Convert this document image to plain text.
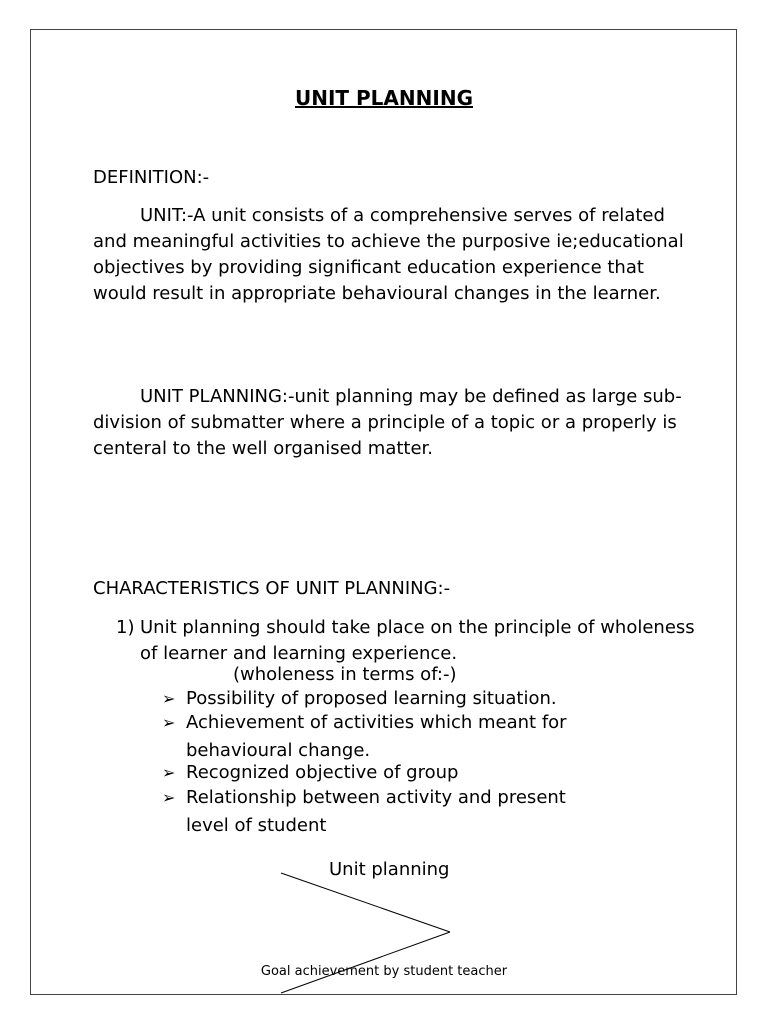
UNIT PLANNING
DEFINITION:-

UNIT:-A unit consists of a comprehensive serves of related and meaningful activities to achieve the purposive ie;educational objectives by providing significant education experience that would result in appropriate behavioural changes in the learner.

UNIT PLANNING:-unit planning may be defined as large sub-division of submatter where a principle of a topic or a properly is centeral to the well organised matter.

CHARACTERISTICS OF UNIT PLANNING:-
1) Unit planning should take place on the principle of wholeness of learner and learning experience.

(wholeness in terms of:-)
➢ Possibility of proposed learning situation.
➢ Achievement of activities which meant for
behavioural change.
➢ Recognized objective of group
➢ Relationship between activity and present
level of student
Unit planning
Goal achievement by student teacher
